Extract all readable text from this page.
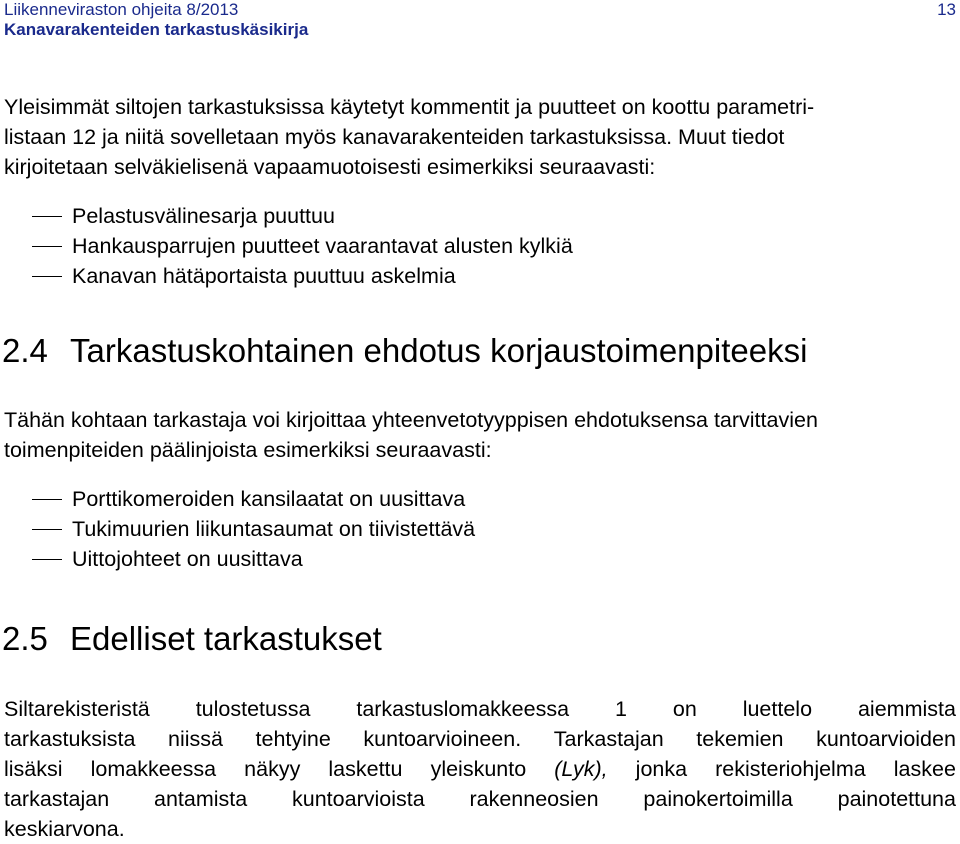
Liikenneviraston ohjeita 8/2013
Kanavarakenteiden tarkastuskäsikirja
13

Yleisimmät siltojen tarkastuksissa käytetyt kommentit ja puutteet on koottu parametri-

listaan 12 ja niitä sovelletaan myös kanavarakenteiden tarkastuksissa. Muut tiedot

kirjoitetaan selväkielisenä vapaamuotoisesti esimerkiksi seuraavasti:

Pelastusvälinesarja puuttuu
Hankausparrujen puutteet vaarantavat alusten kylkiä
Kanavan hätäportaista puuttuu askelmia
2.4 Tarkastuskohtainen ehdotus korjaustoimenpiteeksi

Tähän kohtaan tarkastaja voi kirjoittaa yhteenvetotyyppisen ehdotuksensa tarvittavien

toimenpiteiden päälinjoista esimerkiksi seuraavasti:

Porttikomeroiden kansilaatat on uusittava
Tukimuurien liikuntasaumat on tiivistettävä
Uittojohteet on uusittava
2.5 Edelliset tarkastukset
Siltarekisteristä tulostetussa tarkastuslomakkeessa 1 on luettelo aiemmista
tarkastuksista niissä tehtyine kuntoarvioineen. Tarkastajan tekemien kuntoarvioiden
lisäksi lomakkeessa näkyy laskettu yleiskunto (Lyk), jonka rekisteriohjelma laskee
tarkastajan antamista kuntoarvioista rakenneosien painokertoimilla painotettuna

keskiarvona.
